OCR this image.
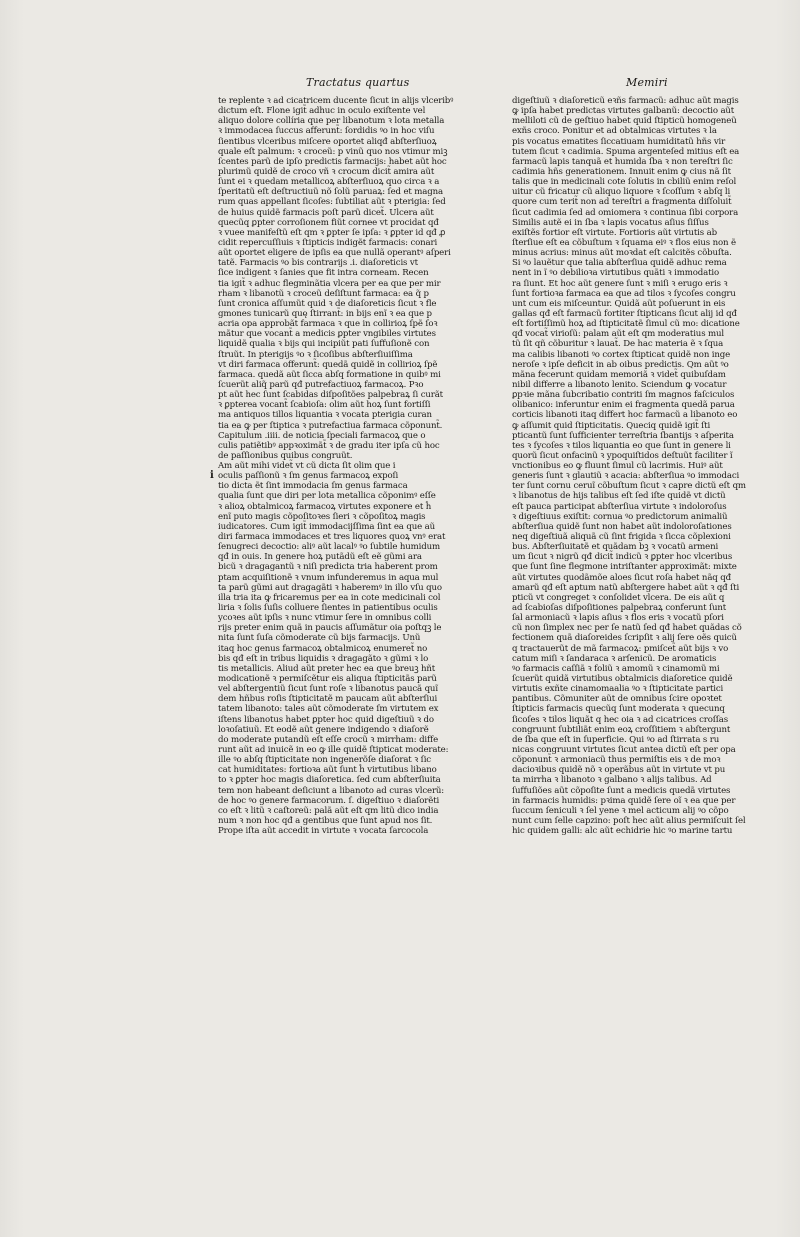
Tractatus quartus	Memiri
te replente ꝛ ad cicatricem ducente ſicut in alijs vlceribꝰ
dictum eſt. Flone igit̃ adhuc in oculo exiſtente vel
aliquo dolore collíria que per libanotum ꝛ lota metalla
ꝛ immodacea ſuccus afferunt̃: ſordidis ꝰo in hoc viſu
ſientibus vlceribus miſcere oportet aliqđ abſterſiuoꝝ
quale eſt palmum: ꝛ croceũ: p vinũ quo nos vtimur miꝫ
ſcentes parũ de ipſo predictis farmacijs: habet aũt hoc
plurimũ quidẽ de croco vñ ꝛ crocum dicit̃ amira aũt
ſunt ei ꝛ quedam metallicoꝝ abſterſiuoꝝ quo circa ꝛ a
ſperitatũ eſt deſtructiuũ nõ ſolũ paruaꝝ: ſed et magna
rum quas appellant ſicoſes: ſubtiliat aũt ꝛ pterigia: ſed
de huius quidẽ farmacis poſt parũ dicet̃. Ulcera aũt
quecũq ꝑpter corroſionem fiũt cornee vt procidat qđ
ꝛ vuee manifeſtũ eſt qm ꝛ ꝑpter ſe ipſa: ꝛ ꝑpter id qđ ꝓ
cidit repercuſſiuis ꝛ ſtipticis indigẽt farmacis: conari
aũt oportet eligere de ipſis ea que nullã operantꝰ aſperi
tatẽ. Farmacis ꝰo bis contrarijs .i. diaſoreticis vt
ſice indigent ꝛ ſanies que fit intra corneam. Recen
tia igit̃ ꝛ adhuc flegminãtia vlcera per ea que per mir
rham ꝛ libanotũ ꝛ croceũ deſiſtunt farmaca: ea q̃ p
ſunt cronica aſſumũt quid ꝛ de diaſoreticis ſicut ꝛ fle
gmones tunicarũ quę ſtirrant̃: in bijs enĩ ꝛ ea que p
acria opa approbãt farmaca ꝛ que in collirioꝝ ſpẽ ſoꝛ
mãtur que vocant̃ a medicis ꝑpter vngibiles virtutes
liquidẽ qualia ꝛ bijs qui incipiũt pati ſuffuſionẽ con
ſtruũt. In pterigijs ꝰo ꝛ ſicoſibus abſterſiuiſſima
vt diri farmaca offerunt̃: quedã quidẽ in collirioꝝ ſpẽ
farmaca. quedã aũt ſicca abſq formatione in quibꝰ mi
ſcuerũt aliq̃ parũ qđ putrefactiuoꝝ farmacoꝝ. Pꝛo
pt aũt hec ſunt ſcabidas diſpoſitões palpebraꝝ ſi curãt
ꝛ ꝑpterea vocant̃ ſcabioſa: olim aũt hoꝝ ſunt fortiſſi
ma antiquos tillos liquantia ꝛ vocata pterigia curan
tia ea ꝙ per ſtiptica ꝛ putrefactiua farmaca cõponunt̃.
Capitulum .iiii. de noticia ſpeciali farmacoꝝ que o
culis patiẽtibꝰ appꝛoximãt̃ ꝛ de gradu iter ipſa cũ hoc
de paſſionibus quibus congruũt.
i
Am aũt mihi videt̃ vt cũ dicta ſit olim que i
oculis paſſionũ ꝛ ſm genus farmacoꝝ expoſi
tio dicta ẽt ſint immodacia ſm genus farmaca
qualia ſunt que diri per lota metallica cõponimꝰ eſſe
ꝛ alioꝝ obtalmicoꝝ farmacoꝝ virtutes exponere et ĥ
enĩ puto magis cõpoſitoꝛes ſieri ꝛ cõpoſitoꝝ magis
iudicatores. Cum igit̃ immodacijſſima ſint ea que aũ
diri farmaca immodaces et tres liquores quoꝝ vnꝰ erat
ſenugreci decoctio: aliꝰ aũt lacalꝰ ꝰo ſubtile humidum
qđ in ouis. In genere hoꝝ putãdũ eſt eẽ gũmi ara
bicũ ꝛ dragagantũ ꝛ niſi predicta tria haberent prom
ptam acquiſitionẽ ꝛ vnum infunderemus in aqua mul
ta parũ gũmi aut dragagãti ꝛ haberemꝰ in illo vſu quo
illa tria ita ꝙ fricaremus per ea in cote medicinali col
liria ꝛ ſolis ſuſis colluere ſientes in patientibus oculis
ycoꝛes aũt ipſis ꝛ nunc vtimur ſere in omnibus colli
rijs preter enim quã in paucis aſſumãtur oia poſtqꝫ le
nita ſunt ſuſa cõmoderate cũ bijs farmacijs. Unũ
itaq hoc genus farmacoꝝ obtalmicoꝝ enumeret̃ no
bis qđ eſt in tribus liquidis ꝛ dragagãto ꝛ gũmi ꝛ lo
tis metallicis. Aliud aũt preter hec ea que breuꝫ hñt
modicationẽ ꝛ permiſcẽtur eis aliqua ſtipticitãs parũ
vel abſtergentiũ ſicut ſunt roſe ꝛ libanotus paucã quĩ
dem hñbus roſis ſtipticitatẽ m paucam aũt abſterſiui
tatem libanoto: tales aũt cõmoderate ſm virtutem ex
iſtens libanotus habet ꝑpter hoc quid digeſtiuũ ꝛ do
loꝛoſatiuũ. Et eodẽ aũt genere indigendo ꝛ diaſorẽ
do moderate putandũ eſt eſſe crocũ ꝛ mirrham: diffe
runt aũt ad inuicẽ in eo ꝙ ille quidẽ ſtipticat moderate:
ille ꝰo abſq ſtipticitate non ingenerõſe diaſorat ꝛ ſic
cat humiditates: fortioꝛa aũt ſunt ĥ virtutibus libano
to ꝛ ꝑpter hoc magis diaſoretica. ſed cum abſterſiuita
tem non habeant deſiciunt a libanoto ad curas vlcerũ:
de hoc ꝰo genere farmacorum. ſ. digeſtiuo ꝛ diaſorẽti
co eſt ꝛ litũ ꝛ caſtoreũ: palã aũt eſt qm litũ dico india
num ꝛ non hoc qđ a gentibus que ſunt apud nos ſit.
Prope iſta aũt accedit in virtute ꝛ vocata ſarcocola
digeſtiuũ ꝛ diaſoreticũ eꝛñs farmacũ: adhuc aũt magis
ꝙ ipſa habet predictas virtutes galbanũ: decoctio aũt
melliloti cũ de geſtiuo habet quid ſtipticũ homogeneũ
exñs croco. Ponitur et ad obtalmicas virtutes ꝛ la
pis vocatus ematites ſiccatiuam humiditatũ hñs vir
tutem ſicut ꝛ cadimia. Spuma argenteſed mitius eſt ea
farmacũ lapis tanquã et humida ſba ꝛ non tereſtri ſic
cadimia hñs generationem. Innuit enim ꝙ cius nã ſit
talis que in medicinali cote ſolutis in cbiliũ enim reſol
uitur cũ fricatur cũ aliquo liquore ꝛ ſcoſſum ꝛ abſq li
quore cum terit̃ non ad tereſtri a fragmenta diſſoluit̃
ſicut cadimia ſed ad omiomera ꝛ continua ſibi corpora
Similis autẽ ei in ſba ꝛ lapis vocatus aſius ſiſſus
exiſtẽs fortior eſt virtute. Fortioris aũt virtutis ab
ſterſiue eſt ea cõbuſtum ꝛ ſquama eiꝰ ꝛ flos eius non ẽ
minus acrius: minus aũt moꝛdat eſt calcitẽs cõbuſta.
Si ꝰo lauẽtur que talia abſterſiua quidẽ adhuc rema
nent in ĩ ꝰo debilioꝛa virtutibus quãti ꝛ immodatio
ra ſiunt. Et hoc aũt genere ſunt ꝛ miſi ꝛ erugo eris ꝛ
ſunt fortioꝛa farmaca ea que ad tilos ꝛ ſycoſes congru
unt cum eis miſceuntur. Quidã aũt poſuerunt in eis
gallas qđ eſt farmacũ fortiter ſtipticans ſicut alij id qđ
eſt fortiſſimũ hoꝝ ad ſtipticitatẽ ſimul cũ mo: dicatione
qđ vocat̃ virioſũ: palam aũt eſt qm moderatius mul
tũ ſit qñ cõburitur ꝛ lauat̃. De hac materia ẽ ꝛ ſqua
ma calibis libanoti ꝰo cortex ſtipticat quidẽ non inge
neroſe ꝛ ipſe deficit in ab oibus predictis. Qm aũt ꝰo
mãna fecerunt quidam memoriã ꝛ videt̃ quibuſdam
nibil differre a libanoto lenito. Sciendum ꝙ vocatur
ꝑpꝛie mãna ſubcribatio contriti ſm magnos faſciculos
olibanico: inferuntur enim ei fragmenta quedã parua
corticis libanoti itaq differt hoc farmacũ a libanoto eo
ꝙ aſſumit quid ſtipticitatis. Queciq quidẽ igit̃ ſti
pticantũ ſunt ſufficienter terreſtria ſbantijs ꝛ aſperita
tes ꝛ ſycoſes ꝛ tilos liquantia eo que ſunt in genere li
quorũ ſicut onfacinũ ꝛ ypoquiſtidos deſtuũt faciliter ĩ
vnctionibus eo ꝙ fluunt ſimul cũ lacrimis. Huiꝰ aũt
generis ſunt ꝛ glautiũ ꝛ acacia: abſterſiua ꝰo immodaci
ter ſunt cornu ceruĩ cõbuſtum ſicut ꝛ capre dictũ eſt qm
ꝛ libanotus de hijs talibus eſt ſed iſte quidẽ vt dictũ
eſt pauca participat abſterſiua virtute ꝛ indoloroſus
ꝛ digeſtiuus exiſtit: cornua ꝰo predictorum animaliũ
abſterſiua quidẽ ſunt non habet aũt indoloroſationes
neq digeſtiuã aliquã cũ ſint frigida ꝛ ſicca cõplexioni
bus. Abſterſiuitatẽ et quãdam bꝫ ꝛ vocatũ armeni
um ſicut ꝛ nigrũ qđ dicit̃ indicũ ꝛ ꝑpter hoc vlceribus
que ſunt ſine flegmone intriſtanter approximãt: mixte
aũt virtutes quodãmõe aloes ſicut roſa habet nãq qđ
amarũ qđ eſt aptum natũ abſtergere habet aũt ꝛ qđ ſti
pticũ vt congreget ꝛ conſolidet vlcera. De eis aũt q
ad ſcabioſas diſpoſitiones palpebraꝝ conferunt ſunt
ſal armoniacũ ꝛ lapis aſius ꝛ flos eris ꝛ vocatũ pſori
cũ non ſimplex nec per ſe natũ ſed qđ habet quãdas cõ
fectionem quã diaſoreides ſcripſit ꝛ alij ſere oẽs quicũ
q tractauerũt de mã farmacoꝝ: pmiſcet̃ aũt bijs ꝛ vo
catum miſi ꝛ ſandaraca ꝛ arſenicũ. De aromaticis
ꝰo farmacis caſſiã ꝛ foliũ ꝛ amomũ ꝛ cinamomũ mi
ſcuerũt quidã virtutibus obtalmicis diaſoretice quidẽ
virtutis exñte cinamomaalia ꝰo ꝛ ſtipticitate partici
pantibus. Cõmuniter aũt de omnibus ſcire opoꝛtet
ſtipticis farmacis quecũq ſunt moderata ꝛ quecunq
ſicoſes ꝛ tilos liquãt q hec oia ꝛ ad cicatrices croſſas
congruunt ſubtiliãt enim eoꝝ croſſitiem ꝛ abſtergunt
de ſba que eſt in ſuperficie. Qui ꝰo ad ſtirrata s ru
nicas congruunt virtutes ſicut antea dictũ eſt per opa
cõponunt̃ ꝛ armoniacũ thus permiſtis eis ꝛ de moꝛ
dacioꝛibus quidẽ nõ ꝛ operãbus aũt in virtute vt pu
ta mirrha ꝛ libanoto ꝛ galbano ꝛ alijs talibus. Ad
ſuffuſiões aũt cõpoſite ſunt a medicis quedã virtutes
in farmacis humidis: pꝛima quidẽ ſere oĩ ꝛ ea que per
ſuccum ſeniculi ꝛ ſel yene ꝛ mel acticum alij ꝰo cõpo
nunt cum ſelle capzino: poſt hec aũt alius permiſcuit ſel
hic quidem galli: alc aũt echidrie hic ꝰo marine tartu
